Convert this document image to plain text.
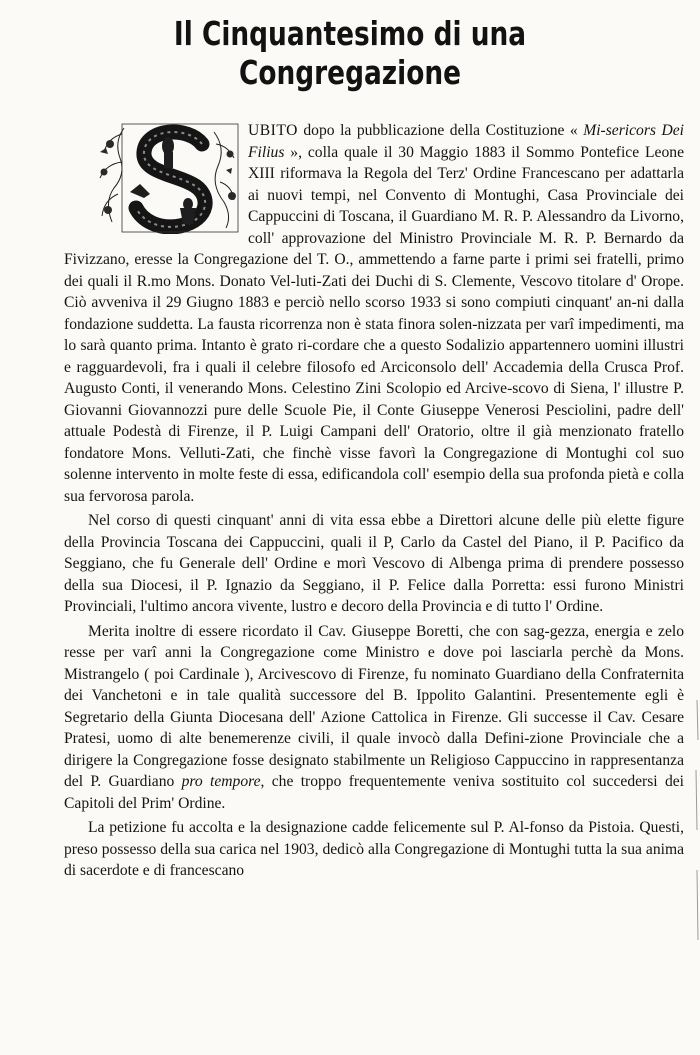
Il Cinquantesimo di una Congregazione

UBITO dopo la pubblicazione della Costituzione « Mi-sericors Dei Filius », colla quale il 30 Maggio 1883 il Sommo Pontefice Leone XIII riformava la Regola del Terz' Ordine Francescano per adattarla ai nuovi tempi, nel Convento di Montughi, Casa Provinciale dei Cappuccini di Toscana, il Guardiano M. R. P. Alessandro da Livorno, coll' approvazione del Ministro Provinciale M. R. P. Bernardo da Fivizzano, eresse la Congregazione del T. O., ammettendo a farne parte i primi sei fratelli, primo dei quali il R.mo Mons. Donato Vel-luti-Zati dei Duchi di S. Clemente, Vescovo titolare d' Orope. Ciò avveniva il 29 Giugno 1883 e perciò nello scorso 1933 si sono compiuti cinquant' an-ni dalla fondazione suddetta. La fausta ricorrenza non è stata finora solen-nizzata per varî impedimenti, ma lo sarà quanto prima. Intanto è grato ri-cordare che a questo Sodalizio appartennero uomini illustri e ragguardevoli, fra i quali il celebre filosofo ed Arciconsolo dell' Accademia della Crusca Prof. Augusto Conti, il venerando Mons. Celestino Zini Scolopio ed Arcive-scovo di Siena, l' illustre P. Giovanni Giovannozzi pure delle Scuole Pie, il Conte Giuseppe Venerosi Pesciolini, padre dell' attuale Podestà di Firenze, il P. Luigi Campani dell' Oratorio, oltre il già menzionato fratello fondatore Mons. Velluti-Zati, che finchè visse favorì la Congregazione di Montughi col suo solenne intervento in molte feste di essa, edificandola coll' esempio della sua profonda pietà e colla sua fervorosa parola.

Nel corso di questi cinquant' anni di vita essa ebbe a Direttori alcune delle più elette figure della Provincia Toscana dei Cappuccini, quali il P, Carlo da Castel del Piano, il P. Pacifico da Seggiano, che fu Generale dell' Ordine e morì Vescovo di Albenga prima di prendere possesso della sua Diocesi, il P. Ignazio da Seggiano, il P. Felice dalla Porretta: essi furono Ministri Provinciali, l'ultimo ancora vivente, lustro e decoro della Provincia e di tutto l' Ordine.

Merita inoltre di essere ricordato il Cav. Giuseppe Boretti, che con sag-gezza, energia e zelo resse per varî anni la Congregazione come Ministro e dove poi lasciarla perchè da Mons. Mistrangelo ( poi Cardinale ), Arcivescovo di Firenze, fu nominato Guardiano della Confraternita dei Vanchetoni e in tale qualità successore del B. Ippolito Galantini. Presentemente egli è Segretario della Giunta Diocesana dell' Azione Cattolica in Firenze. Gli successe il Cav. Cesare Pratesi, uomo di alte benemerenze civili, il quale invocò dalla Defini-zione Provinciale che a dirigere la Congregazione fosse designato stabilmente un Religioso Cappuccino in rappresentanza del P. Guardiano pro tempore, che troppo frequentemente veniva sostituito col succedersi dei Capitoli del Prim' Ordine.

La petizione fu accolta e la designazione cadde felicemente sul P. Al-fonso da Pistoia. Questi, preso possesso della sua carica nel 1903, dedicò alla Congregazione di Montughi tutta la sua anima di sacerdote e di francescano
